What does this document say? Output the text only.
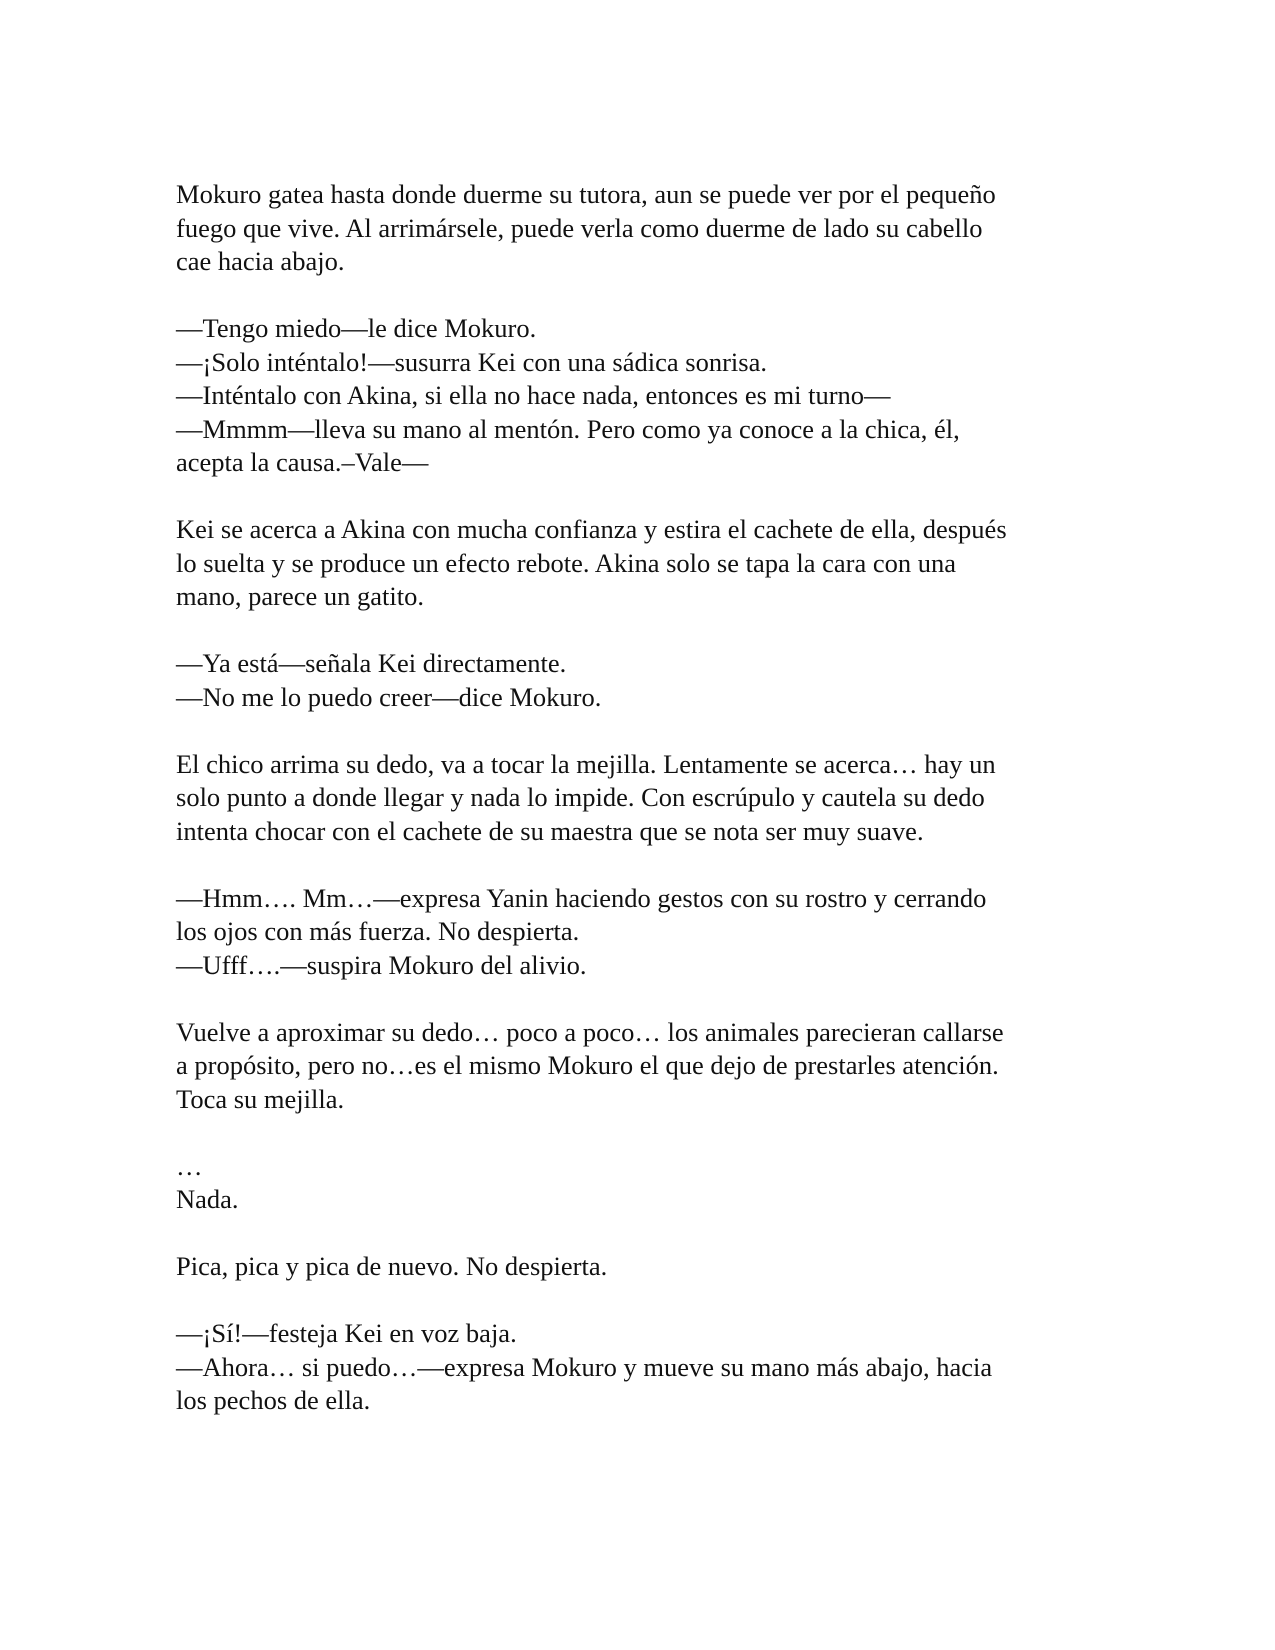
Mokuro gatea hasta donde duerme su tutora, aun se puede ver por el pequeño
fuego que vive. Al arrimársele, puede verla como duerme de lado su cabello
cae hacia abajo.

—Tengo miedo—le dice Mokuro.
—¡Solo inténtalo!—susurra Kei con una sádica sonrisa.
—Inténtalo con Akina, si ella no hace nada, entonces es mi turno—
—Mmmm—lleva su mano al mentón. Pero como ya conoce a la chica, él,
acepta la causa.–Vale—

Kei se acerca a Akina con mucha confianza y estira el cachete de ella, después
lo suelta y se produce un efecto rebote. Akina solo se tapa la cara con una
mano, parece un gatito.

—Ya está—señala Kei directamente.
—No me lo puedo creer—dice Mokuro.

El chico arrima su dedo, va a tocar la mejilla. Lentamente se acerca… hay un
solo punto a donde llegar y nada lo impide. Con escrúpulo y cautela su dedo
intenta chocar con el cachete de su maestra que se nota ser muy suave.

—Hmm…. Mm…—expresa Yanin haciendo gestos con su rostro y cerrando
los ojos con más fuerza. No despierta.
—Ufff….—suspira Mokuro del alivio.

Vuelve a aproximar su dedo… poco a poco… los animales parecieran callarse
a propósito, pero no…es el mismo Mokuro el que dejo de prestarles atención.
Toca su mejilla.

…
Nada.

Pica, pica y pica de nuevo. No despierta.

—¡Sí!—festeja Kei en voz baja.
—Ahora… si puedo…—expresa Mokuro y mueve su mano más abajo, hacia
los pechos de ella.
